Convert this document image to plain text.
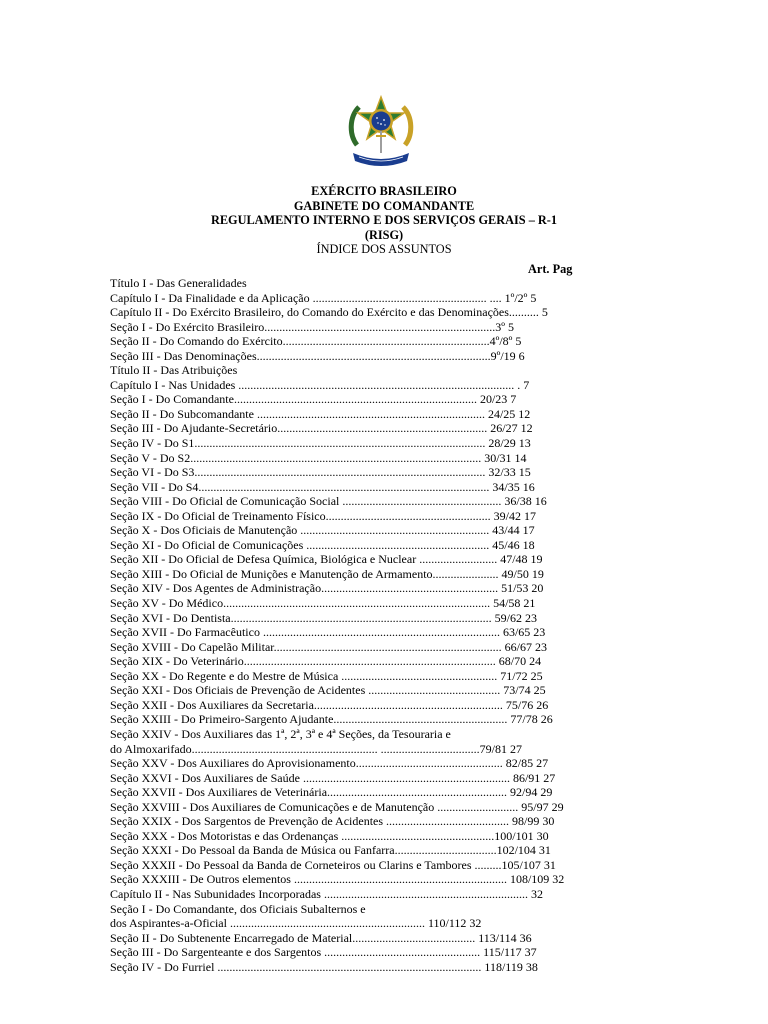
EXÉRCITO BRASILEIRO
GABINETE DO COMANDANTE
REGULAMENTO INTERNO E DOS SERVIÇOS GERAIS – R-1
(RISG)
ÍNDICE DOS ASSUNTOS
Art. Pag
Título I - Das Generalidades
Capítulo I - Da Finalidade e da Aplicação .......................................................... .... 1º/2º 5
Capítulo II - Do Exército Brasileiro, do Comando do Exército e das Denominações.......... 5
Seção I - Do Exército Brasileiro.............................................................................3º 5
Seção II - Do Comando do Exército.....................................................................4º/8º 5
Seção III - Das Denominações..............................................................................9º/19 6
Título II - Das Atribuições
Capítulo I - Nas Unidades ............................................................................................ . 7
Seção I - Do Comandante................................................................................. 20/23 7
Seção II - Do Subcomandante ............................................................................ 24/25 12
Seção III - Do Ajudante-Secretário...................................................................... 26/27 12
Seção IV - Do S1................................................................................................. 28/29 13
Seção V - Do S2................................................................................................. 30/31 14
Seção VI - Do S3................................................................................................. 32/33 15
Seção VII - Do S4................................................................................................. 34/35 16
Seção VIII - Do Oficial de Comunicação Social ..................................................... 36/38 16
Seção IX - Do Oficial de Treinamento Físico....................................................... 39/42 17
Seção X - Dos Oficiais de Manutenção ............................................................... 43/44 17
Seção XI - Do Oficial de Comunicações ............................................................. 45/46 18
Seção XII - Do Oficial de Defesa Química, Biológica e Nuclear .......................... 47/48 19
Seção XIII - Do Oficial de Munições e Manutenção de Armamento...................... 49/50 19
Seção XIV - Dos Agentes de Administração........................................................... 51/53 20
Seção XV - Do Médico......................................................................................... 54/58 21
Seção XVI - Do Dentista....................................................................................... 59/62 23
Seção XVII - Do Farmacêutico ............................................................................... 63/65 23
Seção XVIII - Do Capelão Militar............................................................................ 66/67 23
Seção XIX - Do Veterinário.................................................................................... 68/70 24
Seção XX - Do Regente e do Mestre de Música .................................................... 71/72 25
Seção XXI - Dos Oficiais de Prevenção de Acidentes ............................................ 73/74 25
Seção XXII - Dos Auxiliares da Secretaria............................................................... 75/76 26
Seção XXIII - Do Primeiro-Sargento Ajudante.......................................................... 77/78 26
Seção XXIV - Dos Auxiliares das 1ª, 2ª, 3ª e 4ª Seções, da Tesouraria e
do Almoxarifado.............................................................. .................................79/81 27
Seção XXV - Dos Auxiliares do Aprovisionamento................................................. 82/85 27
Seção XXVI - Dos Auxiliares de Saúde ..................................................................... 86/91 27
Seção XXVII - Dos Auxiliares de Veterinária............................................................ 92/94 29
Seção XXVIII - Dos Auxiliares de Comunicações e de Manutenção ........................... 95/97 29
Seção XXIX - Dos Sargentos de Prevenção de Acidentes ......................................... 98/99 30
Seção XXX - Dos Motoristas e das Ordenanças ...................................................100/101 30
Seção XXXI - Do Pessoal da Banda de Música ou Fanfarra..................................102/104 31
Seção XXXII - Do Pessoal da Banda de Corneteiros ou Clarins e Tambores .........105/107 31
Seção XXXIII - De Outros elementos ....................................................................... 108/109 32
Capítulo II - Nas Subunidades Incorporadas .................................................................... 32
Seção I - Do Comandante, dos Oficiais Subalternos e
dos Aspirantes-a-Oficial ................................................................. 110/112 32
Seção II - Do Subtenente Encarregado de Material......................................... 113/114 36
Seção III - Do Sargenteante e dos Sargentos .................................................... 115/117 37
Seção IV - Do Furriel ........................................................................................ 118/119 38
